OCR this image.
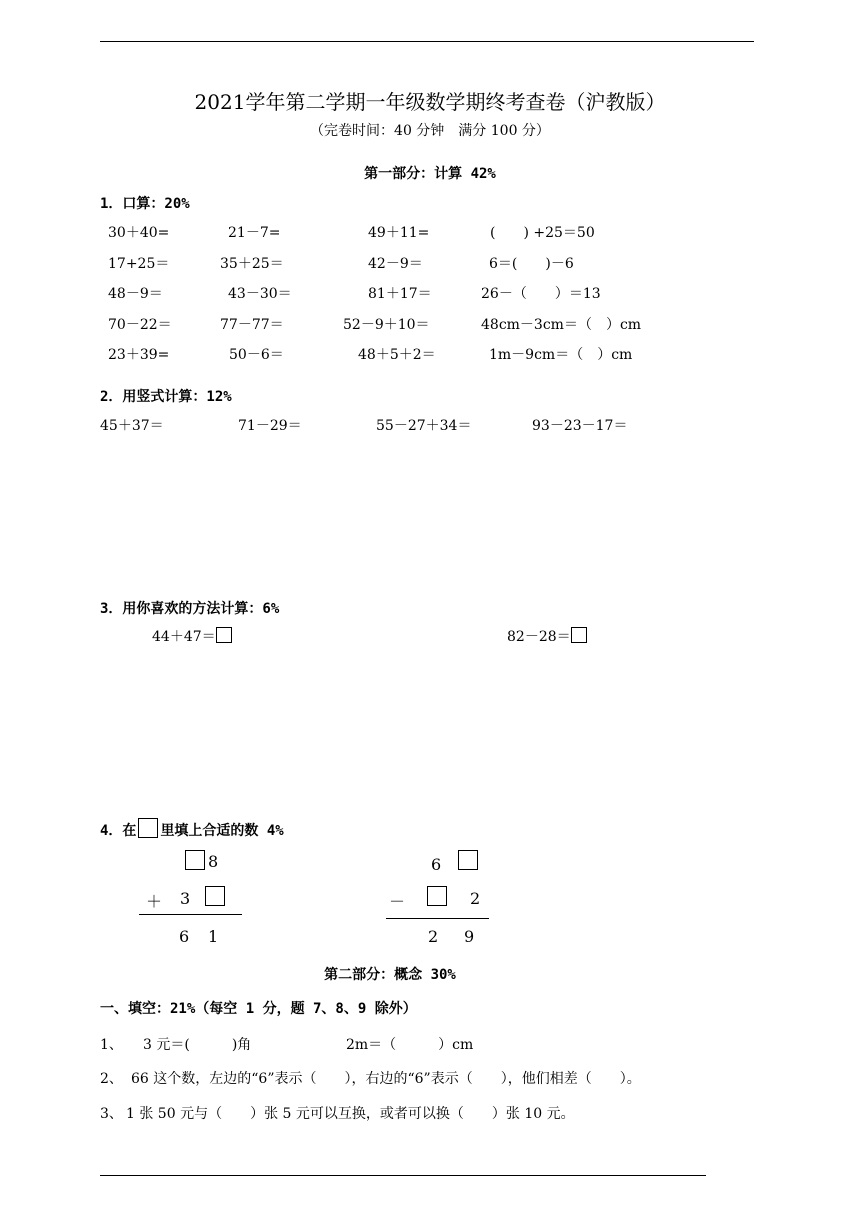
2021学年第二学期一年级数学期终考查卷（沪教版）
（完卷时间：40 分钟　满分 100 分）
第一部分：计算 42%
1．口算：20%
30＋40=	21－7=	49＋11=	(　　) +25＝50
17+25＝	35＋25＝	42－9＝	6＝(　　)－6
48－9＝	43－30＝	81＋17＝	26－（　　）＝13
70－22＝	77－77＝	52－9＋10＝	48cm－3cm＝（　）cm
23＋39=	50－6＝	48＋5＋2＝	1m－9cm＝（　）cm
2．用竖式计算：12%
45＋37＝	71－29＝	55－27＋34＝	93－23－17＝
3．用你喜欢的方法计算：6%
44＋47＝	82－28＝
4．在 里填上合适的数 4%
8
＋ 3
6 1
6
－	2
2 9
第二部分：概念 30%
一、填空：21%（每空 1 分，题 7、8、9 除外）
1、 3 元＝(　　　)角	2m＝（　　　）cm
2、 66 这个数，左边的“6”表示（　　），右边的“6”表示（　　），他们相差（　　）。
3、 1 张 50 元与（　　）张 5 元可以互换，或者可以换（　　）张 10 元。
